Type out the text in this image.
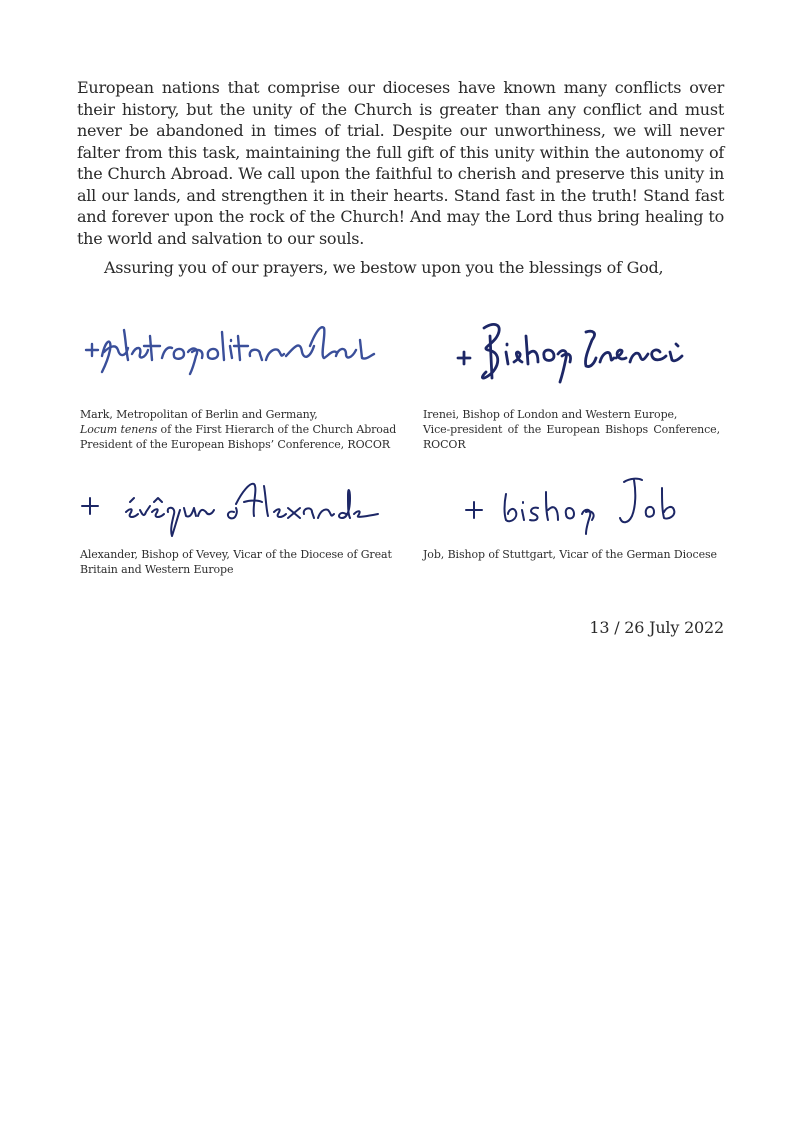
European nations that comprise our dioceses have known many conflicts over their history, but the unity of the Church is greater than any conflict and must never be abandoned in times of trial. Despite our unworthiness, we will never falter from this task, maintaining the full gift of this unity within the autonomy of the Church Abroad. We call upon the faithful to cherish and preserve this unity in all our lands, and strengthen it in their hearts. Stand fast in the truth! Stand fast and forever upon the rock of the Church! And may the Lord thus bring healing to the world and salvation to our souls.

Assuring you of our prayers, we bestow upon you the blessings of God,

Mark, Metropolitan of Berlin and Germany,
Locum tenens of the First Hierarch of the Church Abroad
President of the European Bishops’ Conference, ROCOR
Irenei, Bishop of London and Western Europe,
Vice-president of the European Bishops Conference,
ROCOR
Alexander, Bishop of Vevey, Vicar of the Diocese of Great
Britain and Western Europe
Job, Bishop of Stuttgart, Vicar of the German Diocese
13 / 26 July 2022
